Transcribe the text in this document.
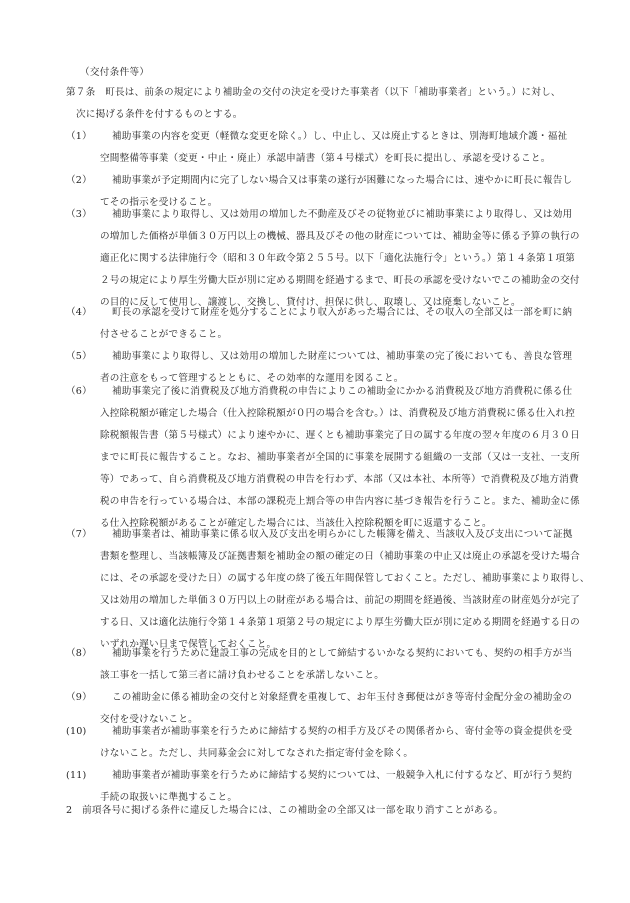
（交付条件等）
第７条　 町長は、前条の規定により補助金の交付の決定を受けた事業者（以下「補助事業者」という。）に対し、
次に掲げる条件を付するものとする。
（1）	補助事業の内容を変更（軽微な変更を除く。）し、中止し、又は廃止するときは、別海町地域介護・福祉
空間整備等事業（変更・中止・廃止）承認申請書（第４号様式）を町長に提出し、承認を受けること。
（2）	補助事業が予定期間内に完了しない場合又は事業の遂行が困難になった場合には、速やかに町長に報告し
てその指示を受けること。
（3）	補助事業により取得し、又は効用の増加した不動産及びその従物並びに補助事業により取得し、又は効用
の増加した価格が単価３０万円以上の機械、器具及びその他の財産については、補助金等に係る予算の執行の
適正化に関する法律施行令（昭和３０年政令第２５５号。以下「適化法施行令」という。）第１４条第１項第
２号の規定により厚生労働大臣が別に定める期間を経過するまで、町長の承認を受けないでこの補助金の交付
の目的に反して使用し、譲渡し、交換し、貸付け、担保に供し、取壊し、又は廃棄しないこと。
（4）	町長の承認を受けて財産を処分することにより収入があった場合には、その収入の全部又は一部を町に納
付させることができること。
（5）	補助事業により取得し、又は効用の増加した財産については、補助事業の完了後においても、善良な管理
者の注意をもって管理するとともに、その効率的な運用を図ること。
（6）	補助事業完了後に消費税及び地方消費税の申告によりこの補助金にかかる消費税及び地方消費税に係る仕
入控除税額が確定した場合（仕入控除税額が０円の場合を含む。）は、消費税及び地方消費税に係る仕入れ控
除税額報告書（第５号様式）により速やかに、遅くとも補助事業完了日の属する年度の翌々年度の６月３０日
までに町長に報告すること。なお、補助事業者が全国的に事業を展開する組織の一支部（又は一支社、一支所
等）であって、自ら消費税及び地方消費税の申告を行わず、本部（又は本社、本所等）で消費税及び地方消費
税の申告を行っている場合は、本部の課税売上割合等の申告内容に基づき報告を行うこと。また、補助金に係
る仕入控除税額があることが確定した場合には、当該仕入控除税額を町に返還すること。
（7）	補助事業者は、補助事業に係る収入及び支出を明らかにした帳簿を備え、当該収入及び支出について証拠
書類を整理し、当該帳簿及び証拠書類を補助金の額の確定の日（補助事業の中止又は廃止の承認を受けた場合
には、その承認を受けた日）の属する年度の終了後五年間保管しておくこと。ただし、補助事業により取得し、
又は効用の増加した単価３０万円以上の財産がある場合は、前記の期間を経過後、当該財産の財産処分が完了
する日、又は適化法施行令第１４条第１項第２号の規定により厚生労働大臣が別に定める期間を経過する日の
いずれか遅い日まで保管しておくこと。
（8）	補助事業を行うために建設工事の完成を目的として締結するいかなる契約においても、契約の相手方が当
該工事を一括して第三者に請け負わせることを承諾しないこと。
（9）	この補助金に係る補助金の交付と対象経費を重複して、お年玉付き郵便はがき等寄付金配分金の補助金の
交付を受けないこと。
(10)	補助事業者が補助事業を行うために締結する契約の相手方及びその関係者から、寄付金等の資金提供を受
けないこと。ただし、共同募金会に対してなされた指定寄付金を除く。
(11)	補助事業者が補助事業を行うために締結する契約については、一般競争入札に付するなど、町が行う契約
手続の取扱いに準拠すること。
2　 前項各号に掲げる条件に違反した場合には、この補助金の全部又は一部を取り消すことがある。
